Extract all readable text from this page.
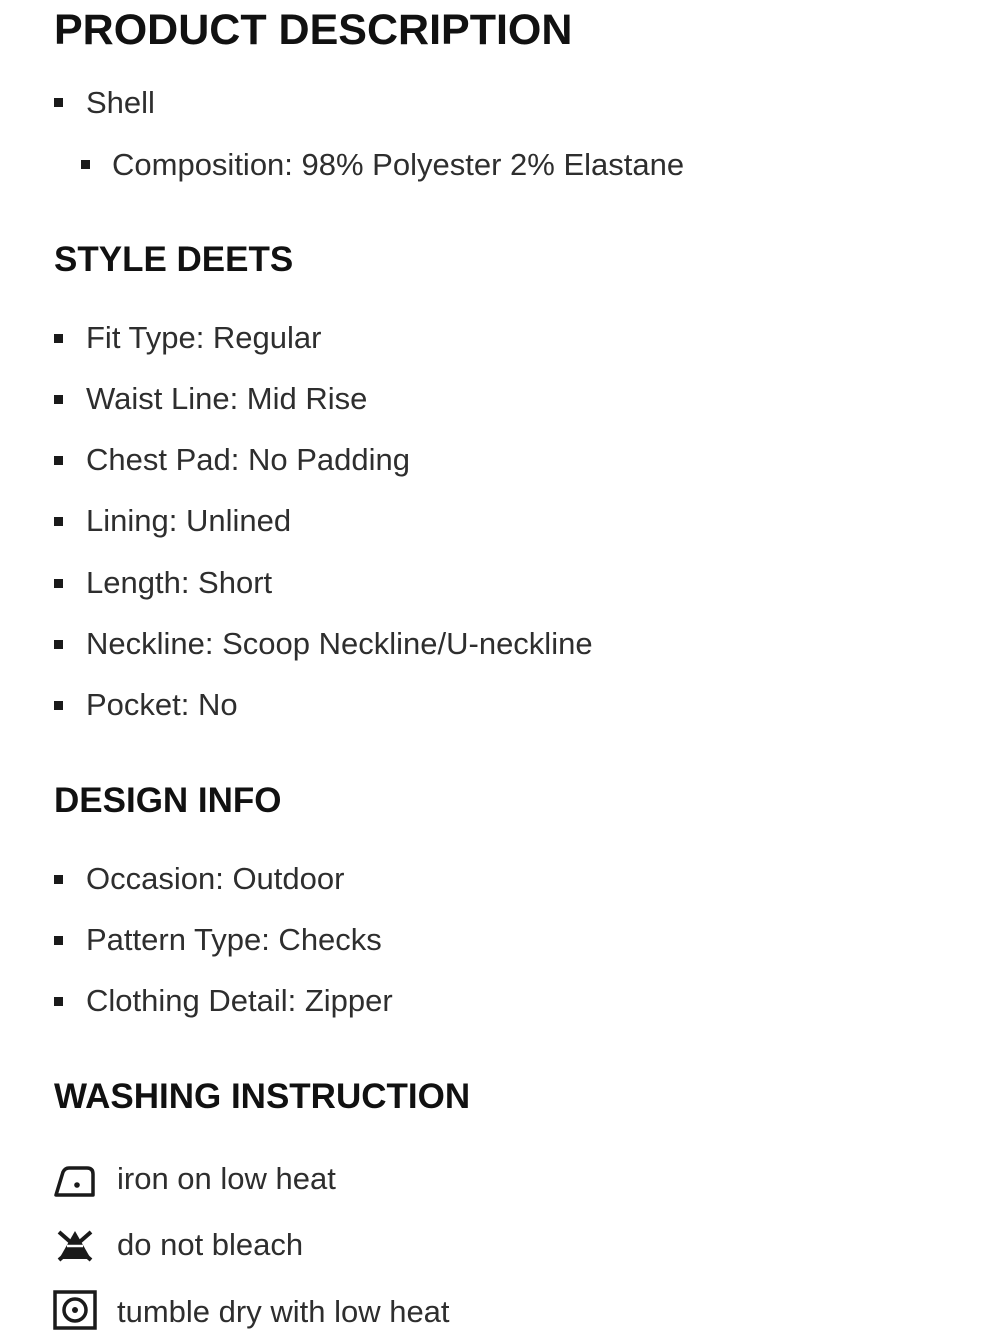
PRODUCT DESCRIPTION
Shell
Composition: 98% Polyester 2% Elastane
STYLE DEETS
Fit Type: Regular
Waist Line: Mid Rise
Chest Pad: No Padding
Lining: Unlined
Length: Short
Neckline: Scoop Neckline/U-neckline
Pocket: No
DESIGN INFO
Occasion: Outdoor
Pattern Type: Checks
Clothing Detail: Zipper
WASHING INSTRUCTION
iron on low heat
do not bleach
tumble dry with low heat
